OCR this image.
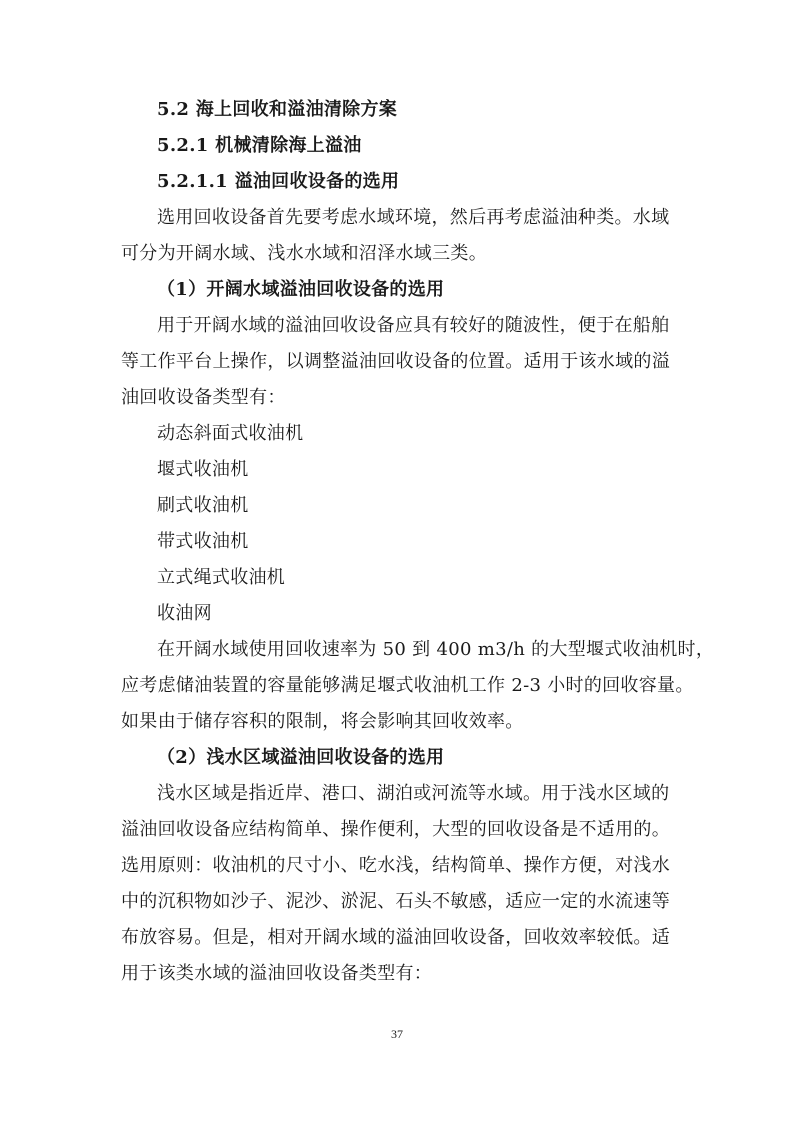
5.2 海上回收和溢油清除方案
5.2.1 机械清除海上溢油
5.2.1.1 溢油回收设备的选用
选用回收设备首先要考虑水域环境，然后再考虑溢油种类。水域
可分为开阔水域、浅水水域和沼泽水域三类。
（1）开阔水域溢油回收设备的选用
用于开阔水域的溢油回收设备应具有较好的随波性，便于在船舶
等工作平台上操作，以调整溢油回收设备的位置。适用于该水域的溢
油回收设备类型有：
动态斜面式收油机
堰式收油机
刷式收油机
带式收油机
立式绳式收油机
收油网
在开阔水域使用回收速率为 50 到 400 m3/h 的大型堰式收油机时，
应考虑储油装置的容量能够满足堰式收油机工作 2-3 小时的回收容量。
如果由于储存容积的限制，将会影响其回收效率。
（2）浅水区域溢油回收设备的选用
浅水区域是指近岸、港口、湖泊或河流等水域。用于浅水区域的
溢油回收设备应结构简单、操作便利，大型的回收设备是不适用的。
选用原则：收油机的尺寸小、吃水浅，结构简单、操作方便，对浅水
中的沉积物如沙子、泥沙、淤泥、石头不敏感，适应一定的水流速等
布放容易。但是，相对开阔水域的溢油回收设备，回收效率较低。适
用于该类水域的溢油回收设备类型有：
37
